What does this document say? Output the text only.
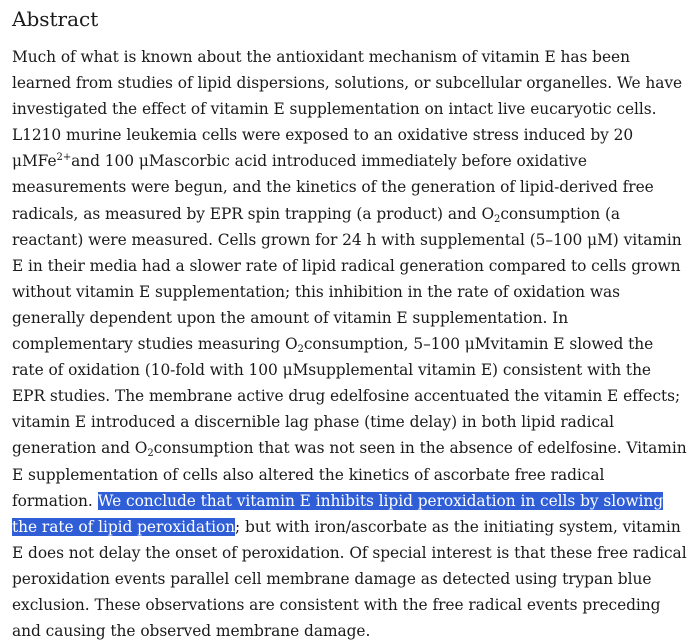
Abstract

Much of what is known about the antioxidant mechanism of vitamin E has been learned from studies of lipid dispersions, solutions, or subcellular organelles. We have investigated the effect of vitamin E supplementation on intact live eucaryotic cells. L1210 murine leukemia cells were exposed to an oxidative stress induced by 20 μMFe$^{2+}$and 100 μMascorbic acid introduced immediately before oxidative measurements were begun, and the kinetics of the generation of lipid-derived free radicals, as measured by EPR spin trapping (a product) and $O_2consumption$ (a reactant) were measured. Cells grown for 24 h with supplemental (5–100 μM) vitamin E in their media had a slower rate of lipid radical generation compared to cells grown without vitamin E supplementation; this inhibition in the rate of oxidation was generally dependent upon the amount of vitamin E supplementation. In complementary studies measuring $O_2consumption$, 5–100 μMvitamin E slowed the rate of oxidation (10-fold with 100 μMsupplemental vitamin E) consistent with the EPR studies. The membrane active drug edelfosine accentuated the vitamin E effects; vitamin E introduced a discernible lag phase (time delay) in both lipid radical generation and $O_2consumption$ that was not seen in the absence of edelfosine. Vitamin E supplementation of cells also altered the kinetics of ascorbate free radical formation. We conclude that vitamin E inhibits lipid peroxidation in cells by slowing the rate of lipid peroxidation; but with iron/ascorbate as the initiating system, vitamin E does not delay the onset of peroxidation. Of special interest is that these free radical peroxidation events parallel cell membrane damage as detected using trypan blue exclusion. These observations are consistent with the free radical events preceding and causing the observed membrane damage.
